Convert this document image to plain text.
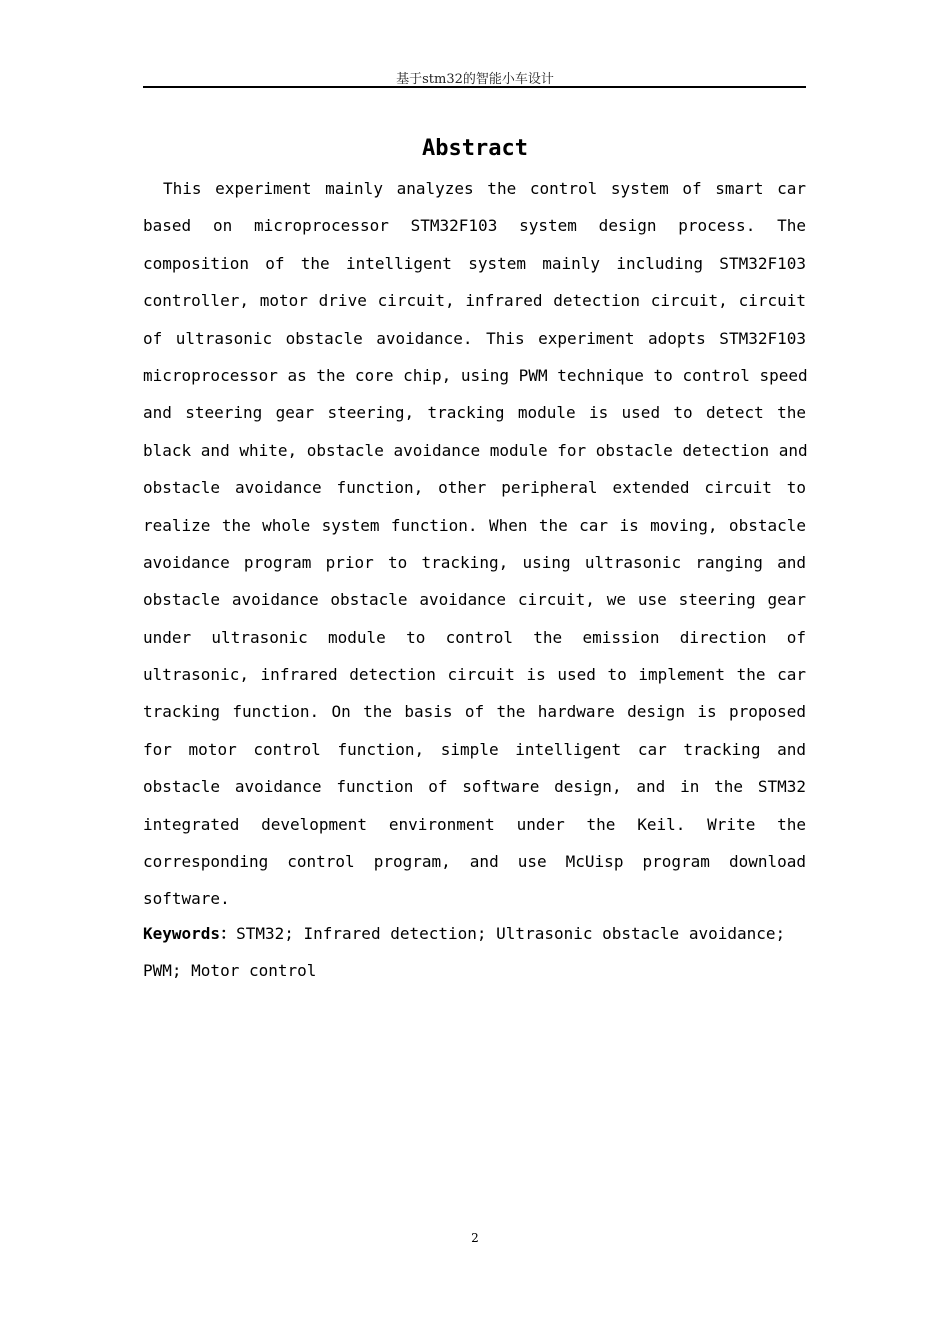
基于stm32的智能小车设计
Abstract
This experiment mainly analyzes the control system of smart car
based on microprocessor STM32F103 system design process. The
composition of the intelligent system mainly including STM32F103
controller, motor drive circuit, infrared detection circuit, circuit
of ultrasonic obstacle avoidance. This experiment adopts STM32F103
microprocessor as the core chip, using PWM technique to control speed
and steering gear steering, tracking module is used to detect the
black and white, obstacle avoidance module for obstacle detection and
obstacle avoidance function, other peripheral extended circuit to
realize the whole system function. When the car is moving, obstacle
avoidance program prior to tracking, using ultrasonic ranging and
obstacle avoidance obstacle avoidance circuit, we use steering gear
under ultrasonic module to control the emission direction of
ultrasonic, infrared detection circuit is used to implement the car
tracking function. On the basis of the hardware design is proposed
for motor control function, simple intelligent car tracking and
obstacle avoidance function of software design, and in the STM32
integrated development environment under the Keil. Write the
corresponding control program, and use McUisp program download
software.
Keywords：STM32; Infrared detection; Ultrasonic obstacle avoidance;
PWM; Motor control
2
